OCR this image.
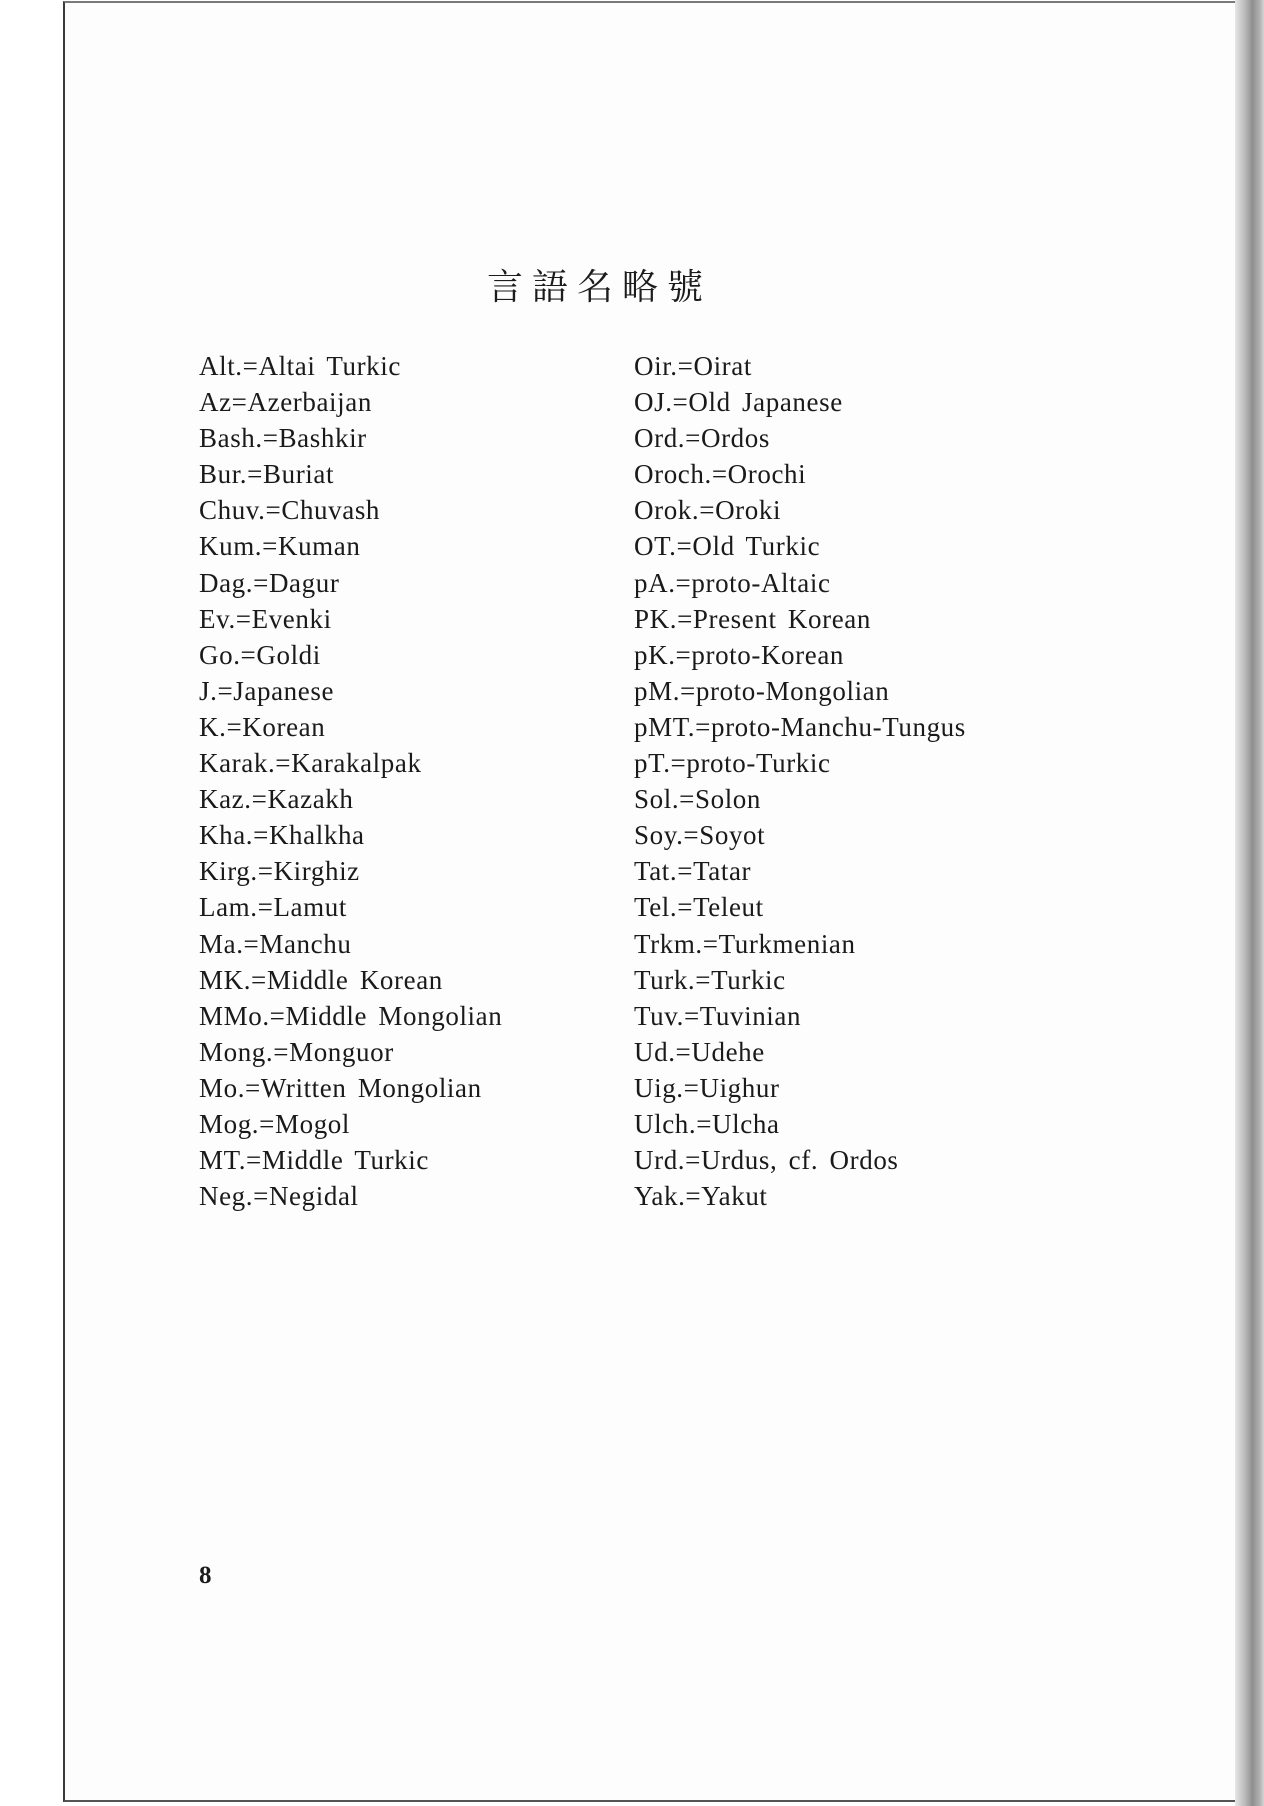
言語名略號
Alt.=Altai Turkic
Az=Azerbaijan
Bash.=Bashkir
Bur.=Buriat
Chuv.=Chuvash
Kum.=Kuman
Dag.=Dagur
Ev.=Evenki
Go.=Goldi
J.=Japanese
K.=Korean
Karak.=Karakalpak
Kaz.=Kazakh
Kha.=Khalkha
Kirg.=Kirghiz
Lam.=Lamut
Ma.=Manchu
MK.=Middle Korean
MMo.=Middle Mongolian
Mong.=Monguor
Mo.=Written Mongolian
Mog.=Mogol
MT.=Middle Turkic
Neg.=Negidal
Oir.=Oirat
OJ.=Old Japanese
Ord.=Ordos
Oroch.=Orochi
Orok.=Oroki
OT.=Old Turkic
pA.=proto-Altaic
PK.=Present Korean
pK.=proto-Korean
pM.=proto-Mongolian
pMT.=proto-Manchu-Tungus
pT.=proto-Turkic
Sol.=Solon
Soy.=Soyot
Tat.=Tatar
Tel.=Teleut
Trkm.=Turkmenian
Turk.=Turkic
Tuv.=Tuvinian
Ud.=Udehe
Uig.=Uighur
Ulch.=Ulcha
Urd.=Urdus, cf. Ordos
Yak.=Yakut
8
